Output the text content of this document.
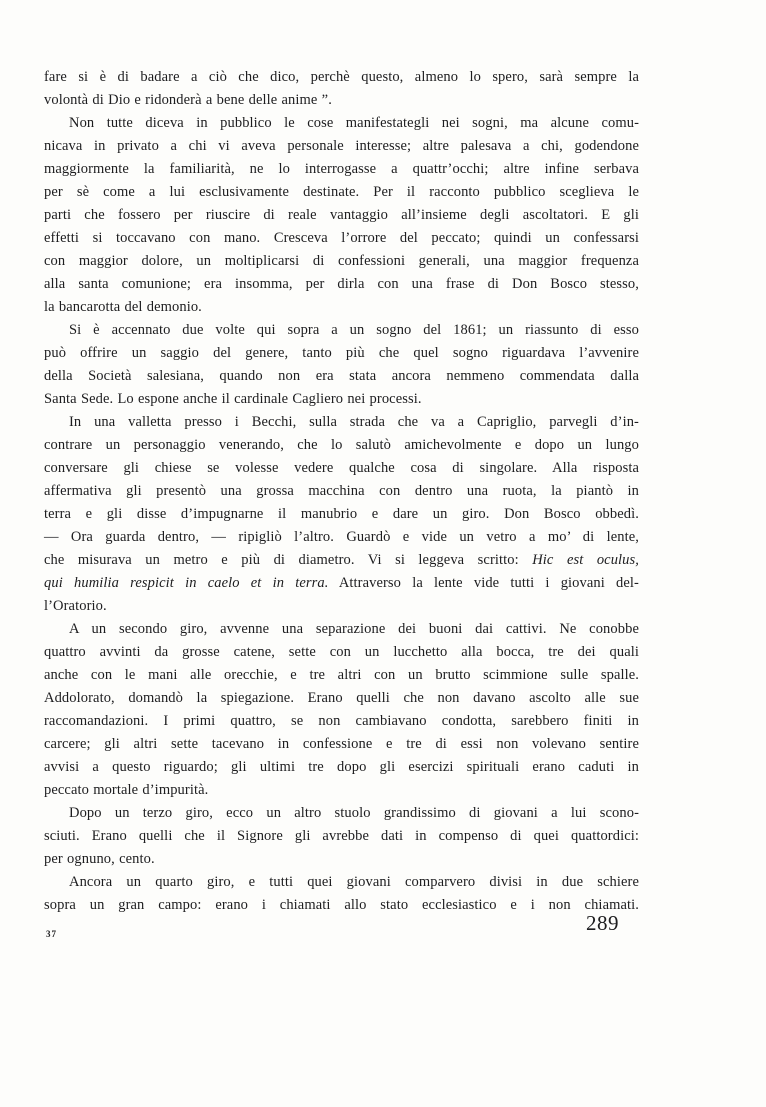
fare si è di badare a ciò che dico, perchè questo, almeno lo spero, sarà sempre la
volontà di Dio e ridonderà a bene delle anime ”.

Non tutte diceva in pubblico le cose manifestategli nei sogni, ma alcune comu-
nicava in privato a chi vi aveva personale interesse; altre palesava a chi, godendone
maggiormente la familiarità, ne lo interrogasse a quattr’occhi; altre infine serbava
per sè come a lui esclusivamente destinate. Per il racconto pubblico sceglieva le
parti che fossero per riuscire di reale vantaggio all’insieme degli ascoltatori. E gli
effetti si toccavano con mano. Cresceva l’orrore del peccato; quindi un confessarsi
con maggior dolore, un moltiplicarsi di confessioni generali, una maggior frequenza
alla santa comunione; era insomma, per dirla con una frase di Don Bosco stesso,
la bancarotta del demonio.

Si è accennato due volte qui sopra a un sogno del 1861; un riassunto di esso
può offrire un saggio del genere, tanto più che quel sogno riguardava l’avvenire
della Società salesiana, quando non era stata ancora nemmeno commendata dalla
Santa Sede. Lo espone anche il cardinale Cagliero nei processi.

In una valletta presso i Becchi, sulla strada che va a Capriglio, parvegli d’in-
contrare un personaggio venerando, che lo salutò amichevolmente e dopo un lungo
conversare gli chiese se volesse vedere qualche cosa di singolare. Alla risposta
affermativa gli presentò una grossa macchina con dentro una ruota, la piantò in
terra e gli disse d’impugnarne il manubrio e dare un giro. Don Bosco obbedì.
— Ora guarda dentro, — ripigliò l’altro. Guardò e vide un vetro a mo’ di lente,
che misurava un metro e più di diametro. Vi si leggeva scritto: Hic est oculus,
qui humilia respicit in caelo et in terra. Attraverso la lente vide tutti i giovani del-
l’Oratorio.

A un secondo giro, avvenne una separazione dei buoni dai cattivi. Ne conobbe
quattro avvinti da grosse catene, sette con un lucchetto alla bocca, tre dei quali
anche con le mani alle orecchie, e tre altri con un brutto scimmione sulle spalle.
Addolorato, domandò la spiegazione. Erano quelli che non davano ascolto alle sue
raccomandazioni. I primi quattro, se non cambiavano condotta, sarebbero finiti in
carcere; gli altri sette tacevano in confessione e tre di essi non volevano sentire
avvisi a questo riguardo; gli ultimi tre dopo gli esercizi spirituali erano caduti in
peccato mortale d’impurità.

Dopo un terzo giro, ecco un altro stuolo grandissimo di giovani a lui scono-
sciuti. Erano quelli che il Signore gli avrebbe dati in compenso di quei quattordici:
per ognuno, cento.

Ancora un quarto giro, e tutti quei giovani comparvero divisi in due schiere
sopra un gran campo: erano i chiamati allo stato ecclesiastico e i non chiamati.

37	289
